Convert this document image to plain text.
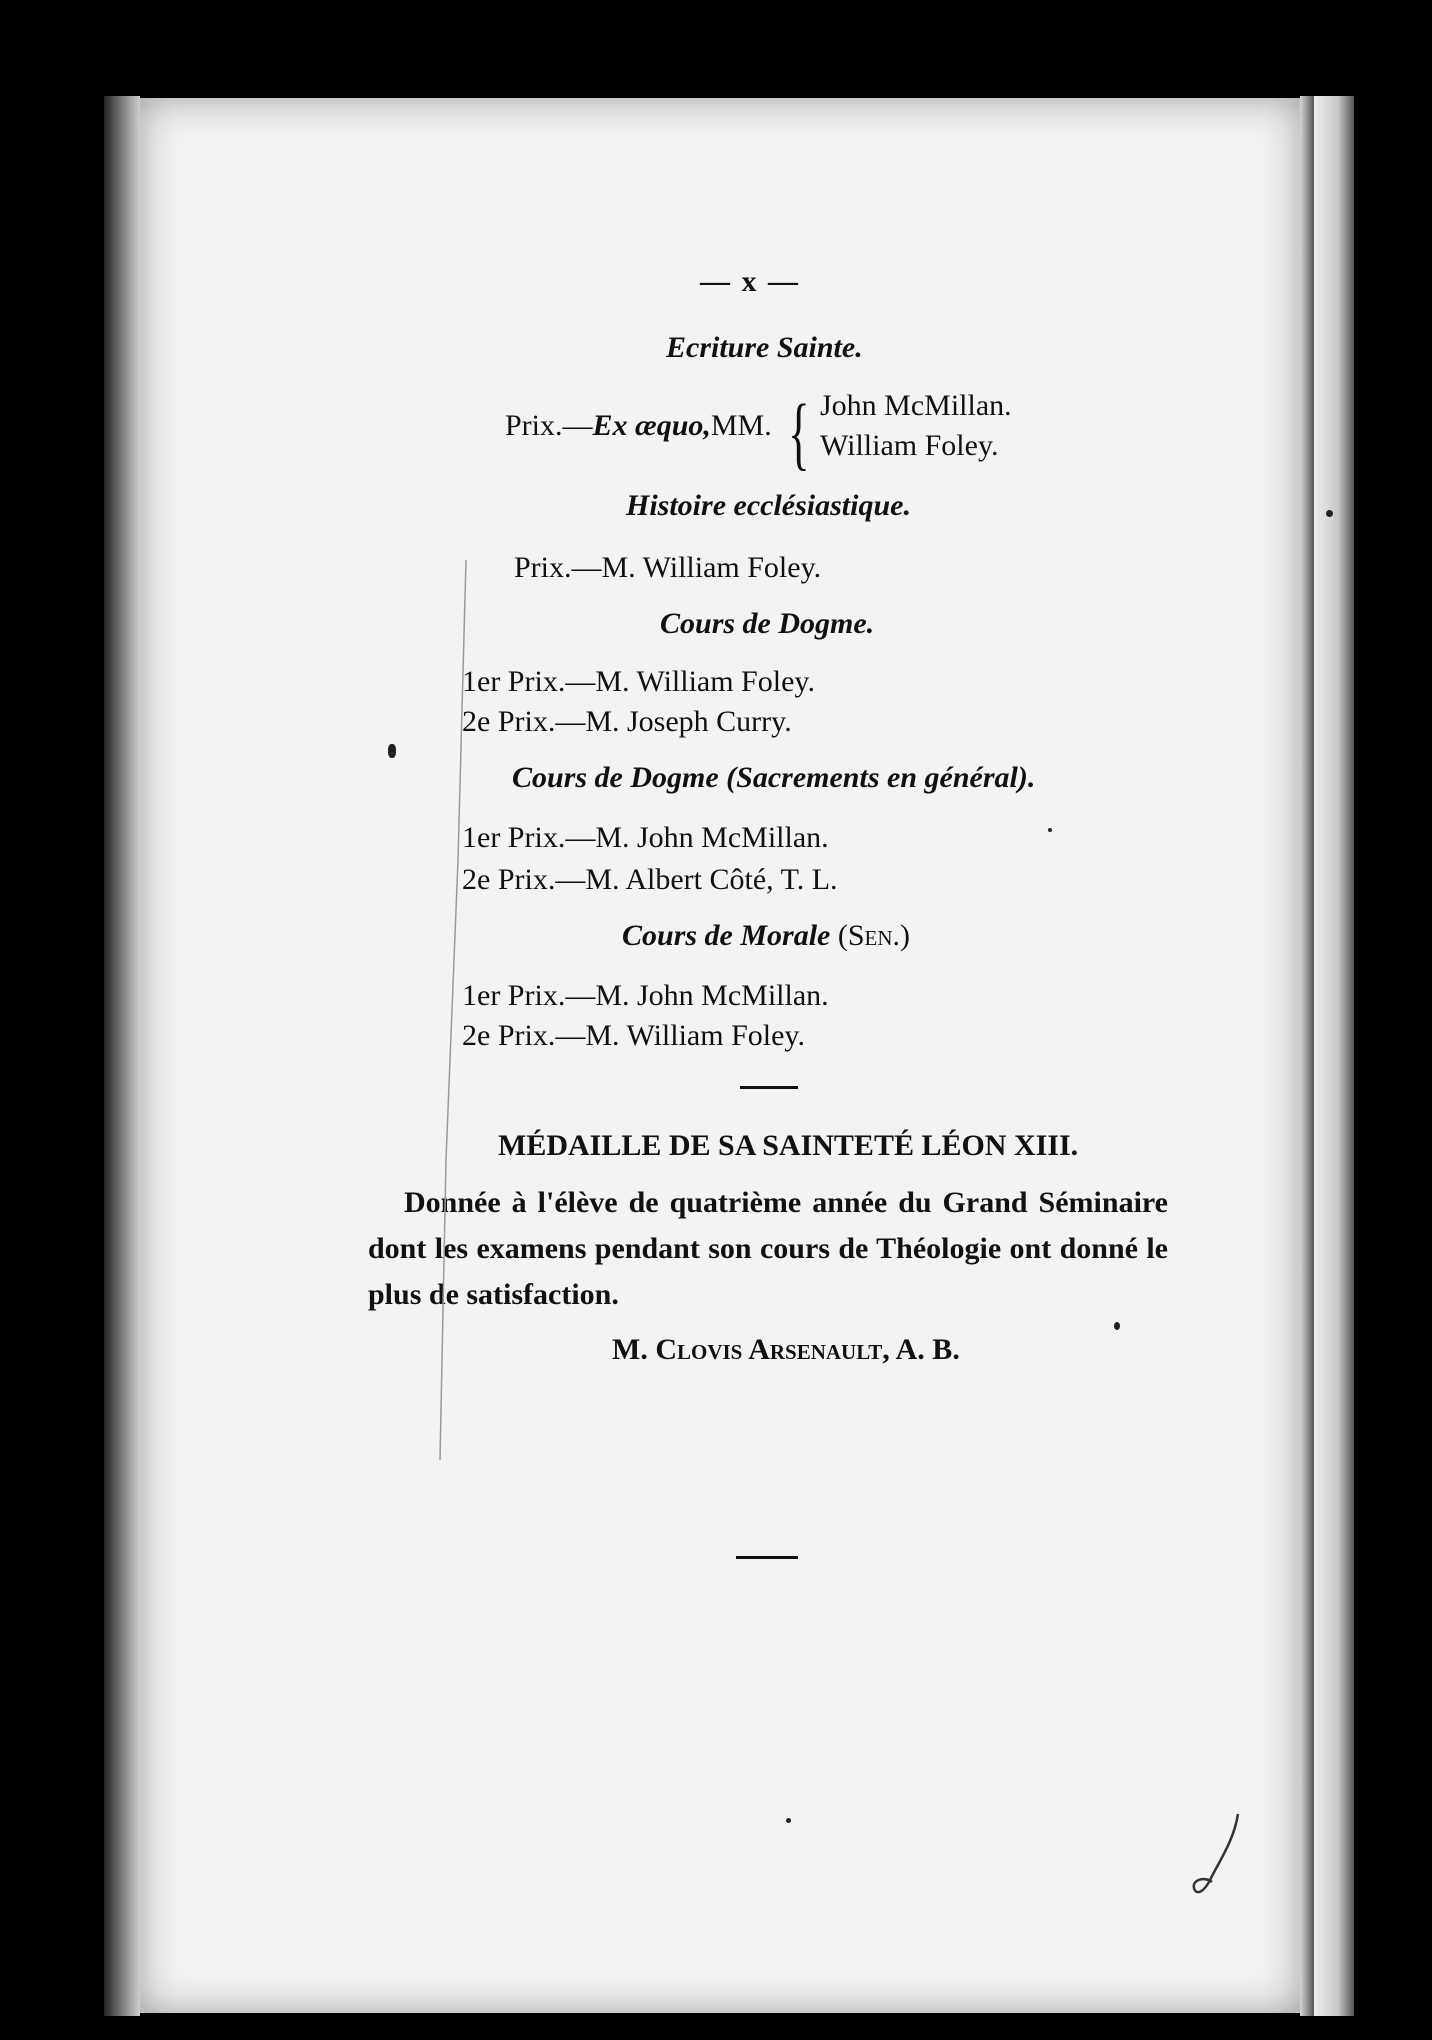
— x —
Ecriture Sainte.
Prix.—Ex æquo,MM. { John McMillan.
William Foley.
Histoire ecclésiastique.
Prix.—M. William Foley.
Cours de Dogme.
1er Prix.—M. William Foley.
2e Prix.—M. Joseph Curry.
Cours de Dogme (Sacrements en général).
1er Prix.—M. John McMillan.
2e Prix.—M. Albert Côté, T. L.
Cours de Morale (Sen.)
1er Prix.—M. John McMillan.
2e Prix.—M. William Foley.
MÉDAILLE DE SA SAINTETÉ LÉON XIII.

Donnée à l'élève de quatrième année du Grand Séminaire dont les examens pendant son cours de Théologie ont donné le plus de satisfaction.

M. Clovis Arsenault, A. B.
